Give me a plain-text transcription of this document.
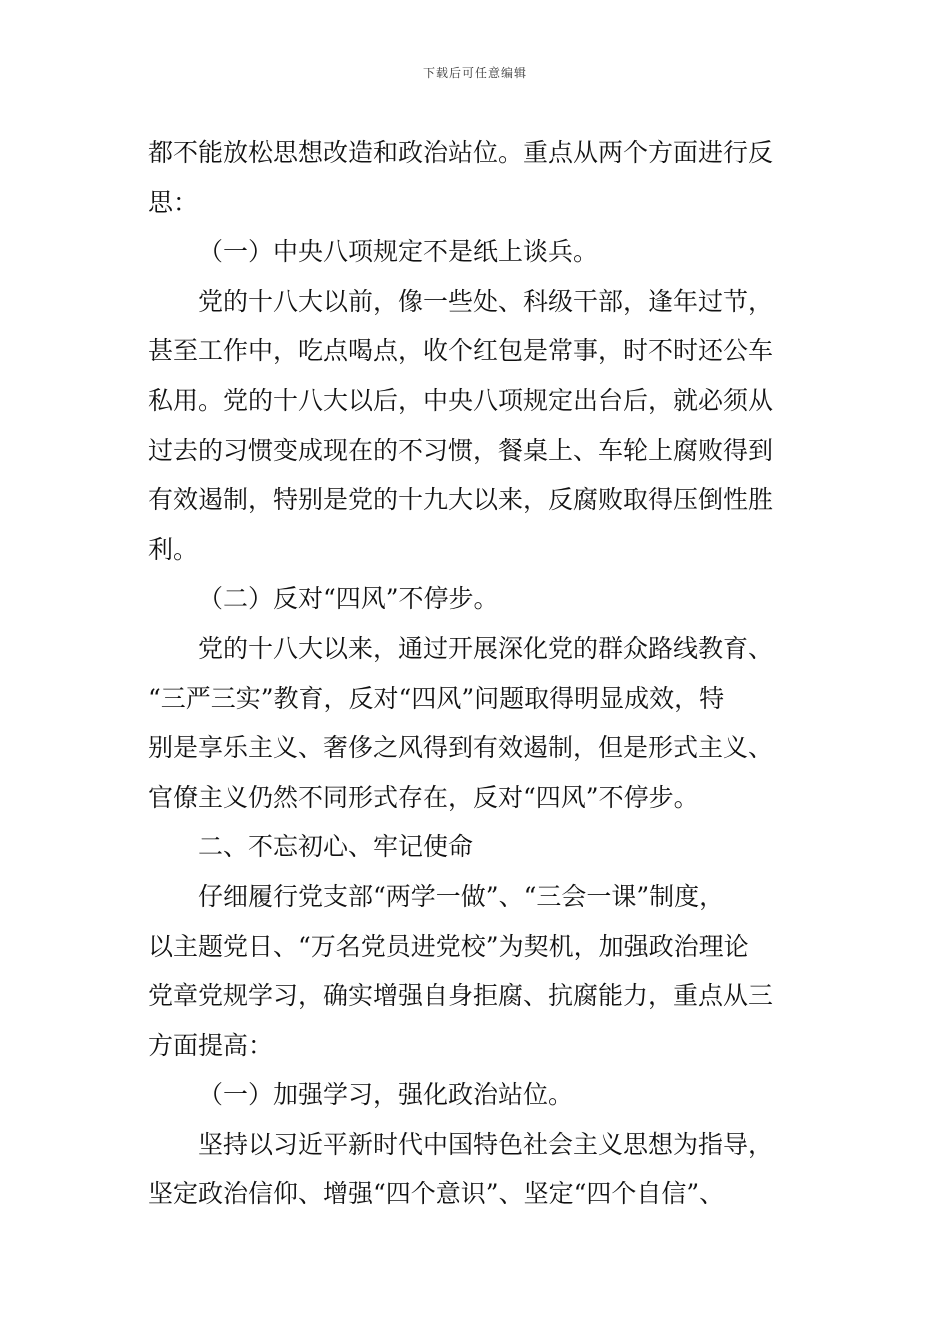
下载后可任意编辑
都不能放松思想改造和政治站位。重点从两个方面进行反
思：
（一）中央八项规定不是纸上谈兵。
党的十八大以前，像一些处、科级干部，逢年过节，
甚至工作中，吃点喝点，收个红包是常事，时不时还公车
私用。党的十八大以后，中央八项规定出台后，就必须从
过去的习惯变成现在的不习惯，餐桌上、车轮上腐败得到
有效遏制，特别是党的十九大以来，反腐败取得压倒性胜
利。
（二）反对“四风”不停步。
党的十八大以来，通过开展深化党的群众路线教育、
“三严三实”教育，反对“四风”问题取得明显成效，特
别是享乐主义、奢侈之风得到有效遏制，但是形式主义、
官僚主义仍然不同形式存在，反对“四风”不停步。
二、不忘初心、牢记使命
仔细履行党支部“两学一做”、“三会一课”制度，
以主题党日、“万名党员进党校”为契机，加强政治理论
党章党规学习，确实增强自身拒腐、抗腐能力，重点从三
方面提高：
（一）加强学习，强化政治站位。
坚持以习近平新时代中国特色社会主义思想为指导，
坚定政治信仰、增强“四个意识”、坚定“四个自信”、
